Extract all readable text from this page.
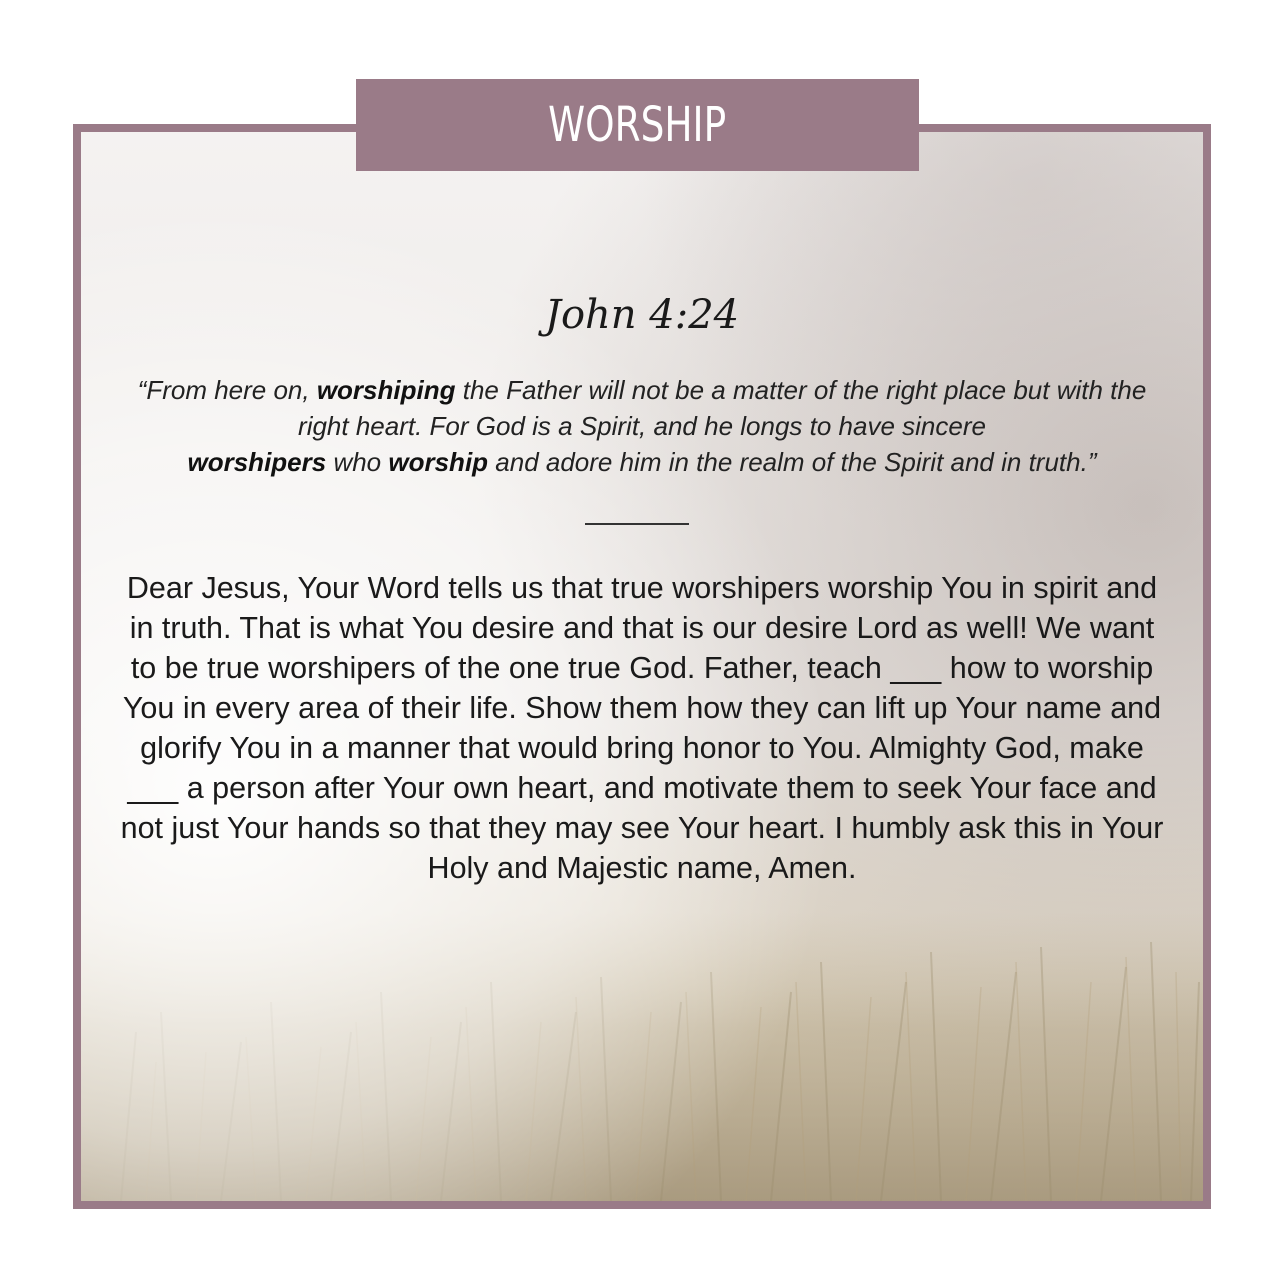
WORSHIP
John 4:24
“From here on, worshiping the Father will not be a matter of the right place but with the right heart. For God is a Spirit, and he longs to have sincere
worshipers who worship and adore him in the realm of the Spirit and in truth.”
Dear Jesus, Your Word tells us that true worshipers worship You in spirit and in truth. That is what You desire and that is our desire Lord as well! We want to be true worshipers of the one true God. Father, teach ___ how to worship You in every area of their life. Show them how they can lift up Your name and glorify You in a manner that would bring honor to You. Almighty God, make ___ a person after Your own heart, and motivate them to seek Your face and not just Your hands so that they may see Your heart. I humbly ask this in Your Holy and Majestic name, Amen.
